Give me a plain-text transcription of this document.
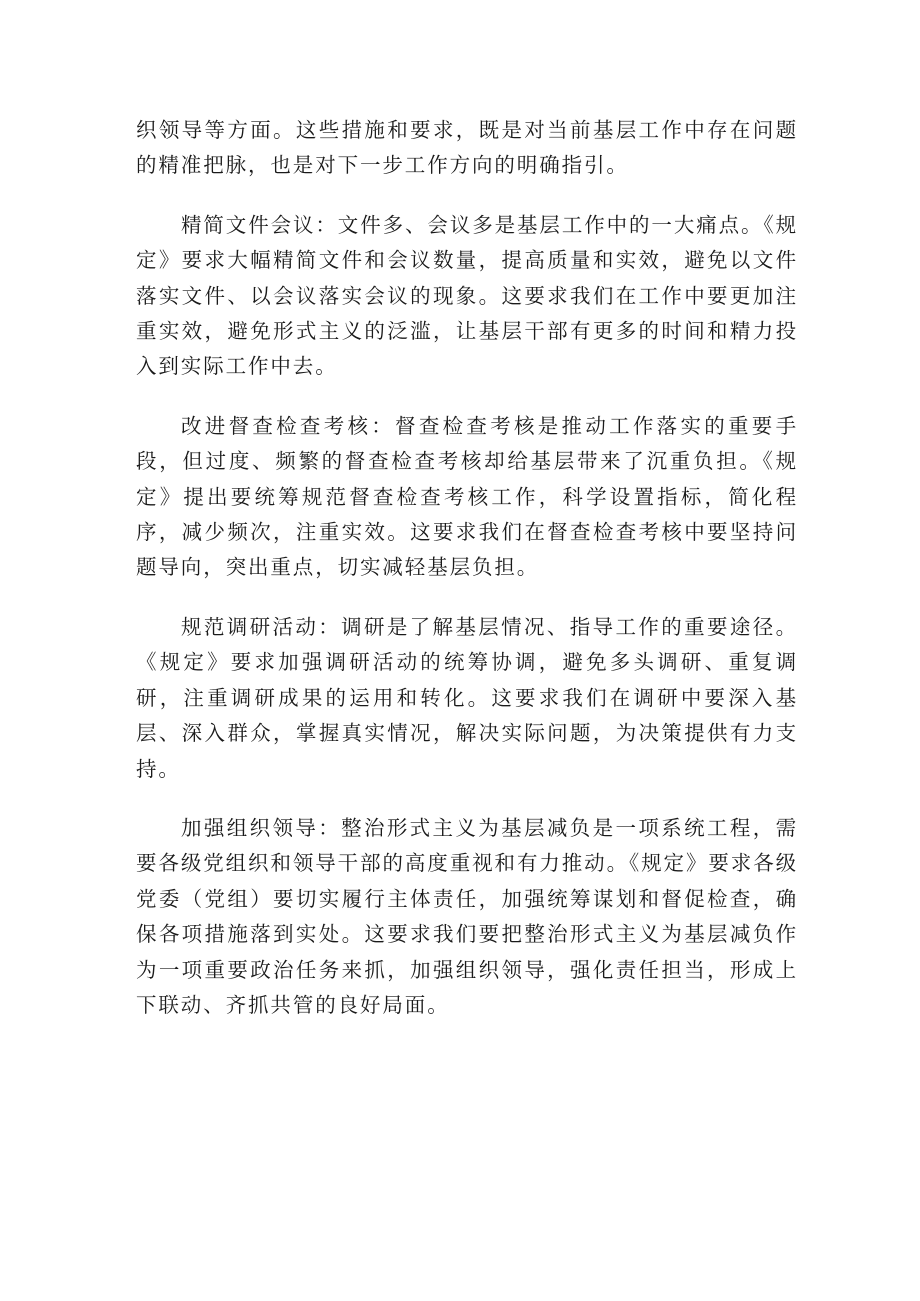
织领导等方面。这些措施和要求，既是对当前基层工作中存在问题的精准把脉，也是对下一步工作方向的明确指引。

精简文件会议：文件多、会议多是基层工作中的一大痛点。《规定》要求大幅精简文件和会议数量，提高质量和实效，避免以文件落实文件、以会议落实会议的现象。这要求我们在工作中要更加注重实效，避免形式主义的泛滥，让基层干部有更多的时间和精力投入到实际工作中去。

改进督查检查考核：督查检查考核是推动工作落实的重要手段，但过度、频繁的督查检查考核却给基层带来了沉重负担。《规定》提出要统筹规范督查检查考核工作，科学设置指标，简化程序，减少频次，注重实效。这要求我们在督查检查考核中要坚持问题导向，突出重点，切实减轻基层负担。

规范调研活动：调研是了解基层情况、指导工作的重要途径。《规定》要求加强调研活动的统筹协调，避免多头调研、重复调研，注重调研成果的运用和转化。这要求我们在调研中要深入基层、深入群众，掌握真实情况，解决实际问题，为决策提供有力支持。

加强组织领导：整治形式主义为基层减负是一项系统工程，需要各级党组织和领导干部的高度重视和有力推动。《规定》要求各级党委（党组）要切实履行主体责任，加强统筹谋划和督促检查，确保各项措施落到实处。这要求我们要把整治形式主义为基层减负作为一项重要政治任务来抓，加强组织领导，强化责任担当，形成上下联动、齐抓共管的良好局面。
